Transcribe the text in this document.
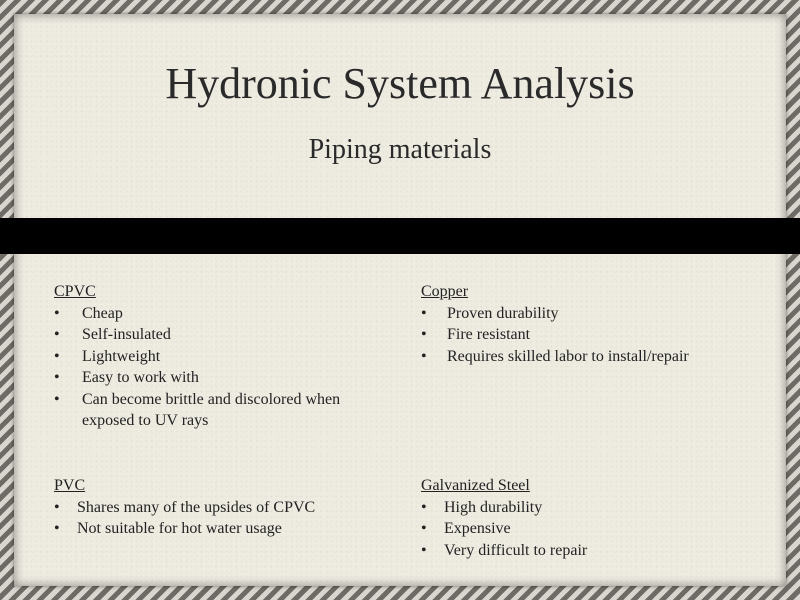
Hydronic System Analysis
Piping materials

CPVC

• Cheap
• Self-insulated
• Lightweight
• Easy to work with
• Can become brittle and discolored when exposed to UV rays

Copper

• Proven durability
• Fire resistant
• Requires skilled labor to install/repair

PVC

• Shares many of the upsides of CPVC
• Not suitable for hot water usage

Galvanized Steel

• High durability
• Expensive
• Very difficult to repair
